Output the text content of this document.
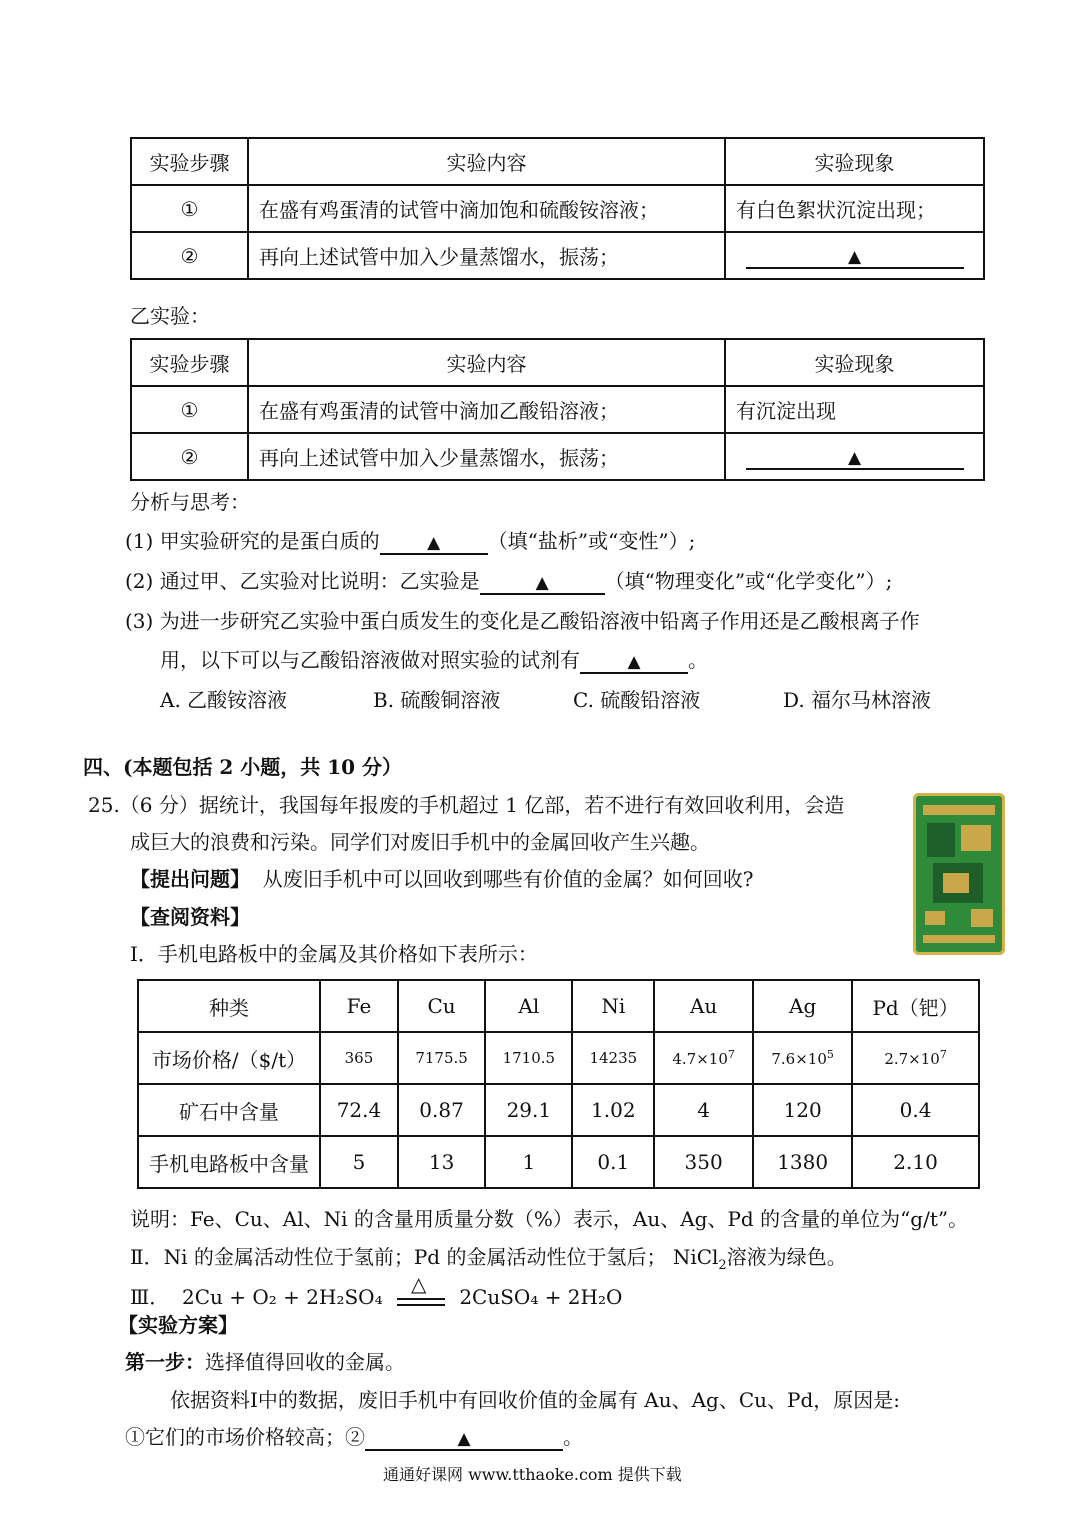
实验步骤	实验内容	实验现象
①	在盛有鸡蛋清的试管中滴加饱和硫酸铵溶液；	有白色絮状沉淀出现；
②	再向上述试管中加入少量蒸馏水，振荡；	▲
乙实验：
实验步骤	实验内容	实验现象
①	在盛有鸡蛋清的试管中滴加乙酸铅溶液；	有沉淀出现
②	再向上述试管中加入少量蒸馏水，振荡；	▲
分析与思考：
(1) 甲实验研究的是蛋白质的	▲ （填“盐析”或“变性”）;
(2) 通过甲、乙实验对比说明：乙实验是	▲	（填“物理变化”或“化学变化”）;
(3) 为进一步研究乙实验中蛋白质发生的变化是乙酸铅溶液中铅离子作用还是乙酸根离子作
用，以下可以与乙酸铅溶液做对照实验的试剂有	▲ 。
A. 乙酸铵溶液	B. 硫酸铜溶液	C. 硫酸铅溶液	D. 福尔马林溶液
四、(本题包括 2 小题，共 10 分）
25.（6 分）据统计，我国每年报废的手机超过 1 亿部，若不进行有效回收利用，会造
成巨大的浪费和污染。同学们对废旧手机中的金属回收产生兴趣。
【提出问题】 从废旧手机中可以回收到哪些有价值的金属？如何回收?
【查阅资料】
Ⅰ．手机电路板中的金属及其价格如下表所示：
种类	Fe	Cu	Al	Ni	Au	Ag	Pd（钯）
市场价格/（$/t）	365	7175.5	1710.5	14235	$4.7\times 10^7$	$7.6\times 10^5$	$2.7\times 10^7$
矿石中含量	72.4	0.87	29.1	1.02	4	120	0.4
手机电路板中含量	5	13	1	0.1	350	1380	2.10
说明：Fe、Cu、Al、Ni 的含量用质量分数（%）表示，Au、Ag、Pd 的含量的单位为“g/t”。
Ⅱ．Ni 的金属活动性位于氢前；Pd 的金属活动性位于氢后； NiCl$_2$溶液为绿色。
Ⅲ． 2Cu + O₂ + 2H₂SO₄
△
2CuSO₄ + 2H₂O
【实验方案】
第一步：选择值得回收的金属。
依据资料Ⅰ中的数据，废旧手机中有回收价值的金属有 Au、Ag、Cu、Pd，原因是:
①它们的市场价格较高；②	▲	。
通通好课网 www.tthaoke.com 提供下载
